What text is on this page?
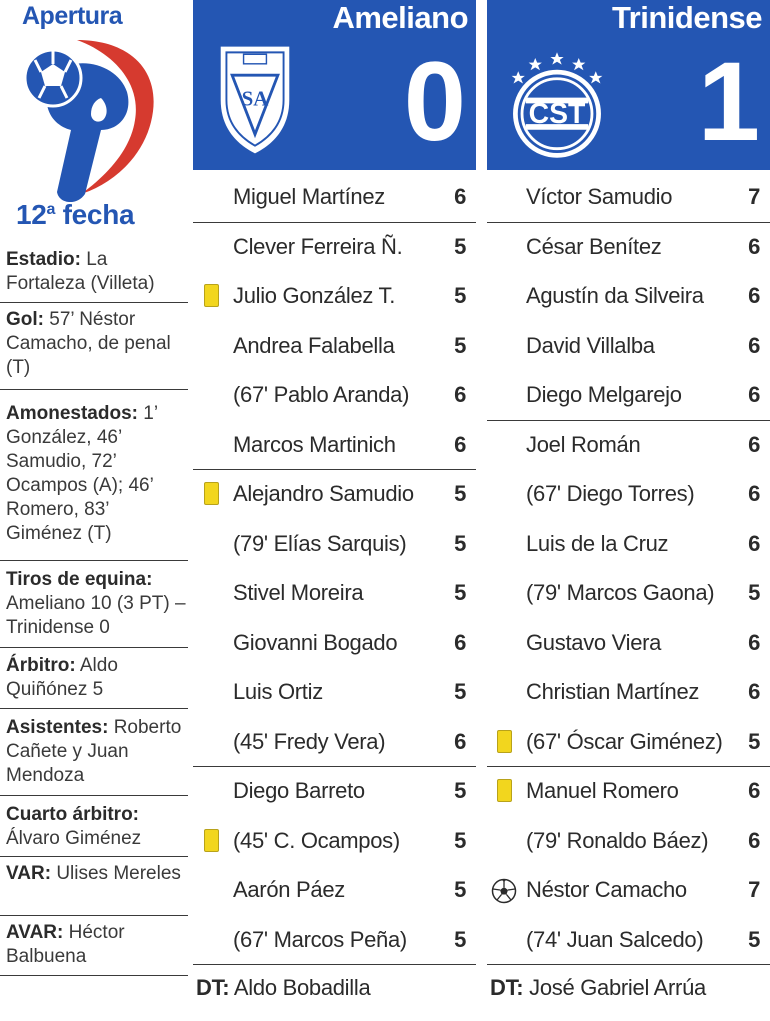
Apertura
12$^a$ fecha
Estadio: La Fortaleza (Villeta)
Gol: 57’ Néstor Camacho, de penal (T)
Amonestados: 1’ González, 46’ Samudio, 72’ Ocampos (A); 46’ Romero, 83’ Giménez (T)
Tiros de equina: Ameliano 10 (3 PT) – Trinidense 0
Árbitro: Aldo Quiñónez 5
Asistentes: Roberto Cañete y Juan Mendoza
Cuarto árbitro: Álvaro Giménez
VAR: Ulises Mereles
AVAR: Héctor Balbuena
Ameliano
SA 0
Trinidense
CST 1
Miguel Martínez	6
Clever Ferreira Ñ. 5
Julio González T.	5
Andrea Falabella	5
(67' Pablo Aranda) 6
Marcos Martinich	6
Alejandro Samudio 5
(79' Elías Sarquis) 5
Stivel Moreira	5
Giovanni Bogado	6
Luis Ortiz	5
(45' Fredy Vera)	6
Diego Barreto	5
(45' C. Ocampos) 5
Aarón Páez	5
(67' Marcos Peña) 5
Víctor Samudio	7
César Benítez	6
Agustín da Silveira 6
David Villalba	6
Diego Melgarejo	6
Joel Román	6
(67' Diego Torres) 6
Luis de la Cruz	6
(79' Marcos Gaona) 5
Gustavo Viera	6
Christian Martínez 6
(67' Óscar Giménez) 5
Manuel Romero	6
(79' Ronaldo Báez) 6
Néstor Camacho	7
(74' Juan Salcedo) 5
DT: Aldo Bobadilla	DT: José Gabriel Arrúa
